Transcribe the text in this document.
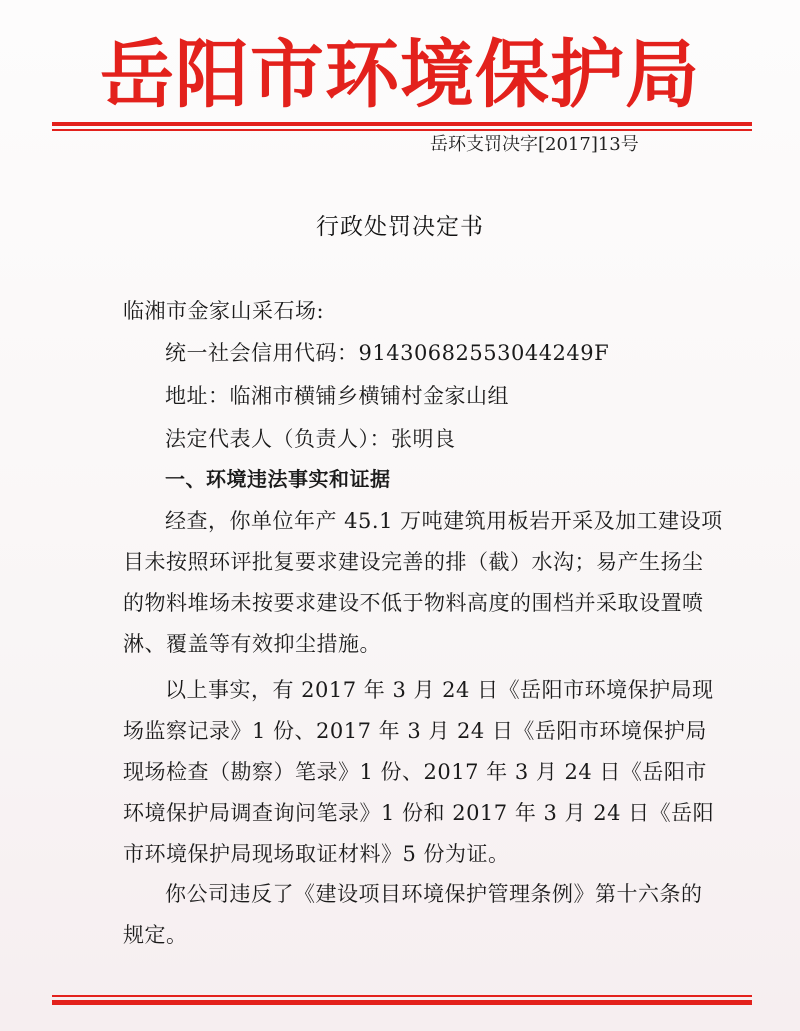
岳阳市环境保护局
岳环支罚决字[2017]13号
行政处罚决定书
临湘市金家山采石场:
统一社会信用代码：91430682553044249F
地址：临湘市横铺乡横铺村金家山组
法定代表人（负责人）：张明良
一、环境违法事实和证据
经查，你单位年产 45.1 万吨建筑用板岩开采及加工建设项目未按照环评批复要求建设完善的排（截）水沟；易产生扬尘的物料堆场未按要求建设不低于物料高度的围档并采取设置喷淋、覆盖等有效抑尘措施。
以上事实，有 2017 年 3 月 24 日《岳阳市环境保护局现场监察记录》1 份、2017 年 3 月 24 日《岳阳市环境保护局现场检查（勘察）笔录》1 份、2017 年 3 月 24 日《岳阳市环境保护局调查询问笔录》1 份和 2017 年 3 月 24 日《岳阳市环境保护局现场取证材料》5 份为证。
你公司违反了《建设项目环境保护管理条例》第十六条的规定。
